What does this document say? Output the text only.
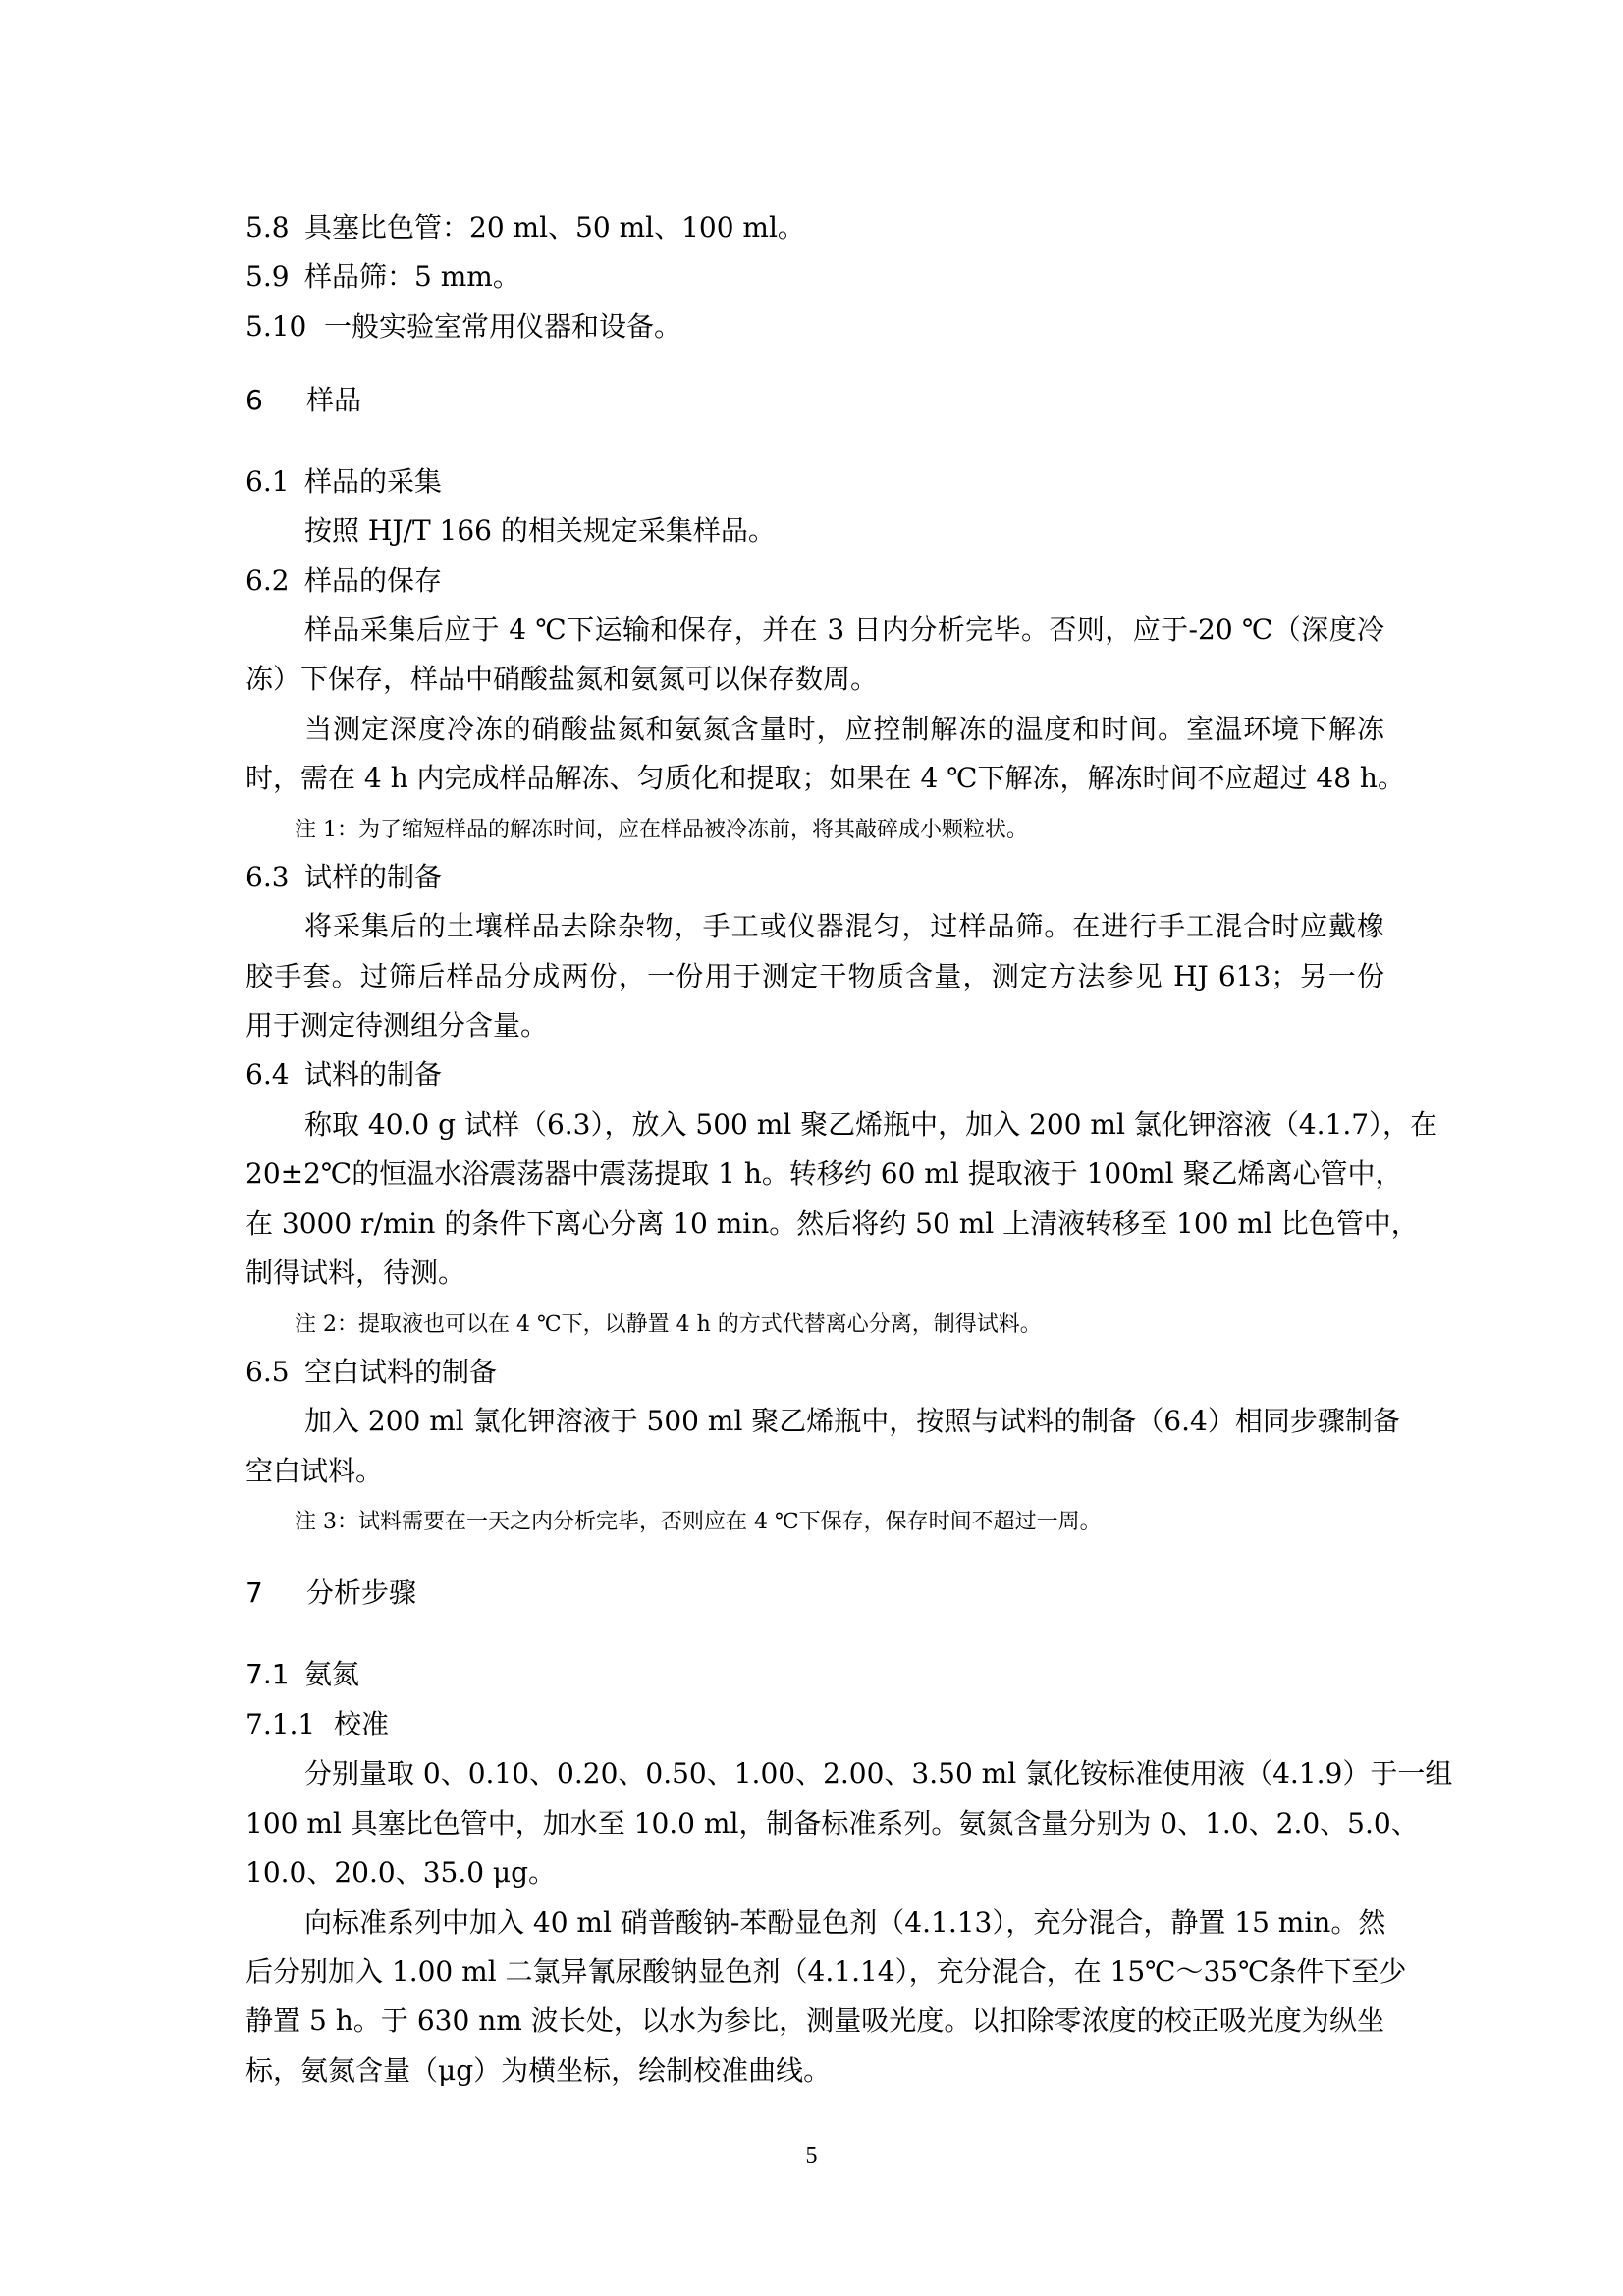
5.8 具塞比色管：20 ml、50 ml、100 ml。
5.9 样品筛：5 mm。
5.10 一般实验室常用仪器和设备。
6 样品
6.1 样品的采集
按照 HJ/T 166 的相关规定采集样品。
6.2 样品的保存
样品采集后应于 4 ℃下运输和保存，并在 3 日内分析完毕。否则，应于-20 ℃（深度冷
冻）下保存，样品中硝酸盐氮和氨氮可以保存数周。
当测定深度冷冻的硝酸盐氮和氨氮含量时，应控制解冻的温度和时间。室温环境下解冻
时，需在 4 h 内完成样品解冻、匀质化和提取；如果在 4 ℃下解冻，解冻时间不应超过 48 h。
注 1：为了缩短样品的解冻时间，应在样品被冷冻前，将其敲碎成小颗粒状。
6.3 试样的制备
将采集后的土壤样品去除杂物，手工或仪器混匀，过样品筛。在进行手工混合时应戴橡
胶手套。过筛后样品分成两份，一份用于测定干物质含量，测定方法参见 HJ 613；另一份
用于测定待测组分含量。
6.4 试料的制备
称取 40.0 g 试样（6.3），放入 500 ml 聚乙烯瓶中，加入 200 ml 氯化钾溶液（4.1.7），在
20±2℃的恒温水浴震荡器中震荡提取 1 h。转移约 60 ml 提取液于 100ml 聚乙烯离心管中，
在 3000 r/min 的条件下离心分离 10 min。然后将约 50 ml 上清液转移至 100 ml 比色管中，
制得试料，待测。
注 2：提取液也可以在 4 ℃下，以静置 4 h 的方式代替离心分离，制得试料。
6.5 空白试料的制备
加入 200 ml 氯化钾溶液于 500 ml 聚乙烯瓶中，按照与试料的制备（6.4）相同步骤制备
空白试料。
注 3：试料需要在一天之内分析完毕，否则应在 4 ℃下保存，保存时间不超过一周。
7 分析步骤
7.1 氨氮
7.1.1 校准
分别量取 0、0.10、0.20、0.50、1.00、2.00、3.50 ml 氯化铵标准使用液（4.1.9）于一组
100 ml 具塞比色管中，加水至 10.0 ml，制备标准系列。氨氮含量分别为 0、1.0、2.0、5.0、
10.0、20.0、35.0 μg。
向标准系列中加入 40 ml 硝普酸钠-苯酚显色剂（4.1.13），充分混合，静置 15 min。然
后分别加入 1.00 ml 二氯异氰尿酸钠显色剂（4.1.14），充分混合，在 15℃～35℃条件下至少
静置 5 h。于 630 nm 波长处，以水为参比，测量吸光度。以扣除零浓度的校正吸光度为纵坐
标，氨氮含量（μg）为横坐标，绘制校准曲线。
5
